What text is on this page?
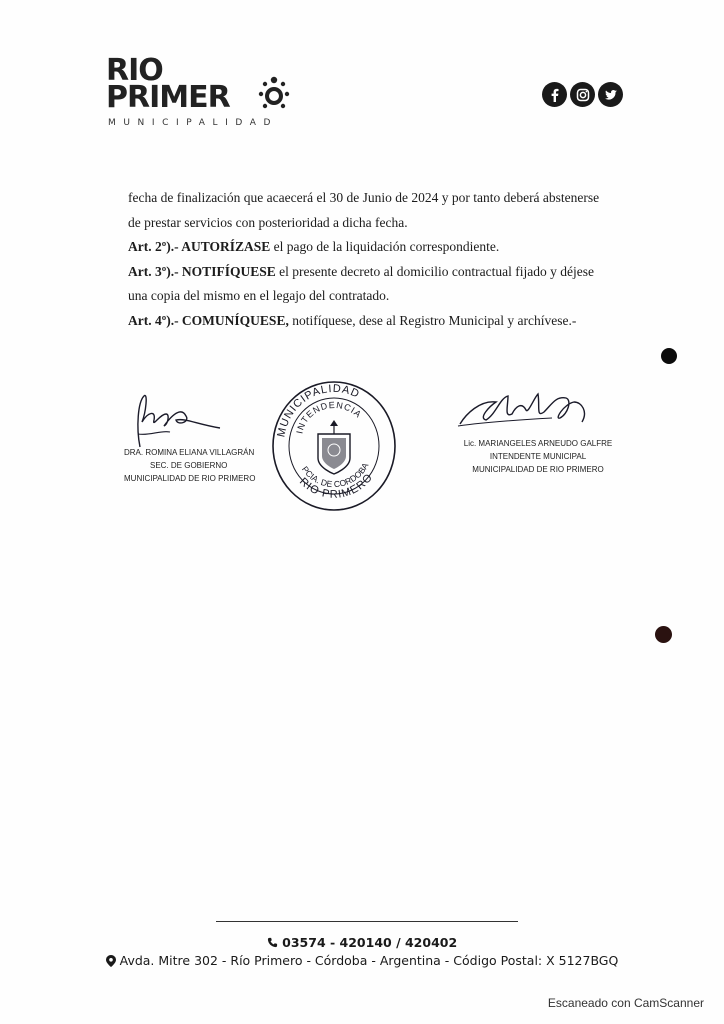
RIO
PRIMER
MUNICIPALIDAD

fecha de finalización que acaecerá el 30 de Junio de 2024 y por tanto deberá abstenerse

de prestar servicios con posterioridad a dicha fecha.

Art. 2º).- AUTORÍZASE el pago de la liquidación correspondiente.

Art. 3º).- NOTIFÍQUESE el presente decreto al domicilio contractual fijado y déjese

una copia del mismo en el legajo del contratado.

Art. 4º).- COMUNÍQUESE, notifíquese, dese al Registro Municipal y archívese.-

DRA. ROMINA ELIANA VILLAGRÁN
SEC. DE GOBIERNO
MUNICIPALIDAD DE RIO PRIMERO
MUNICIPALIDAD
INTENDENCIA
PCIA. DE CORDOBA
RIO PRIMERO
Lic. MARIANGELES ARNEUDO GALFRE
INTENDENTE MUNICIPAL
MUNICIPALIDAD DE RIO PRIMERO
03574 - 420140 / 420402
Avda. Mitre 302 - Río Primero - Córdoba - Argentina - Código Postal: X 5127BGQ
Escaneado con CamScanner
